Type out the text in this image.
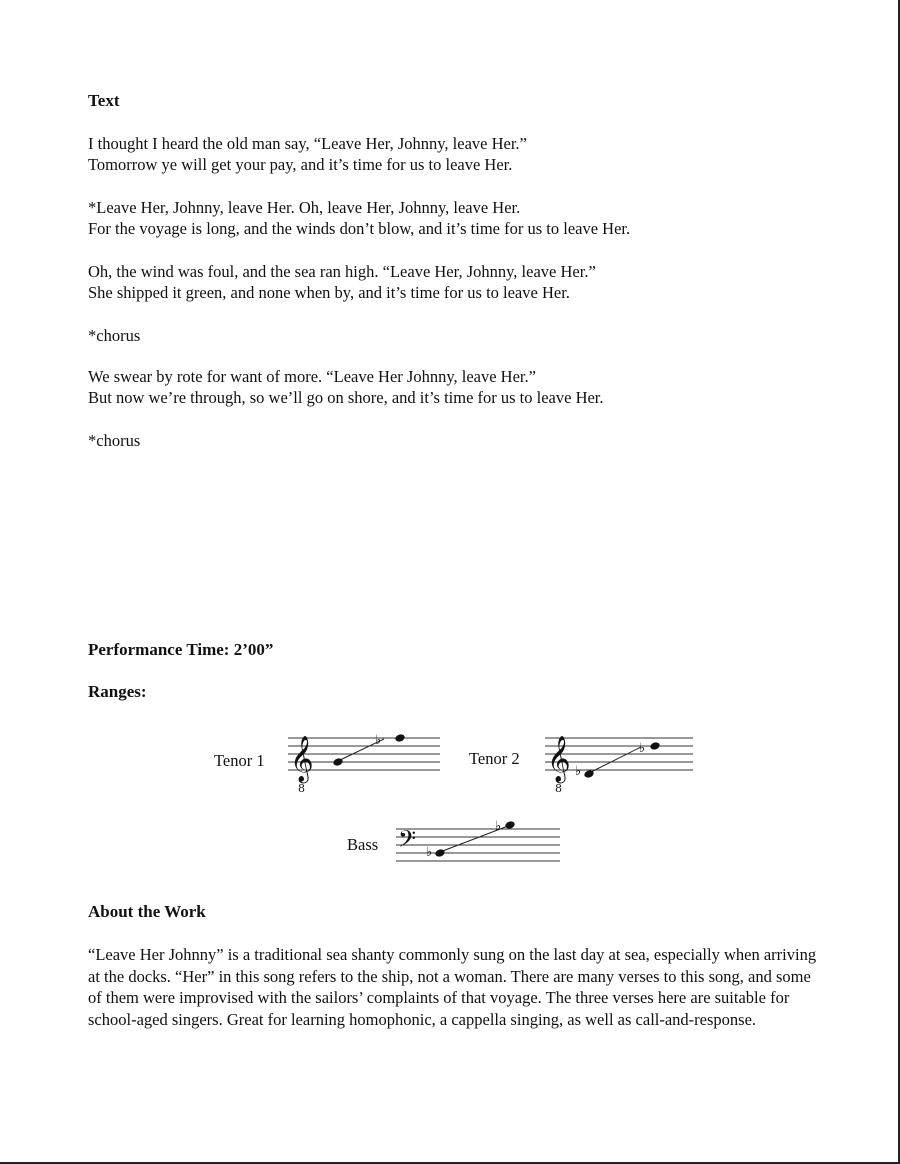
Text
I thought I heard the old man say, “Leave Her, Johnny, leave Her.”
Tomorrow ye will get your pay, and it’s time for us to leave Her.
*Leave Her, Johnny, leave Her. Oh, leave Her, Johnny, leave Her.
For the voyage is long, and the winds don’t blow, and it’s time for us to leave Her.
Oh, the wind was foul, and the sea ran high. “Leave Her, Johnny, leave Her.”
She shipped it green, and none when by, and it’s time for us to leave Her.
*chorus
We swear by rote for want of more. “Leave Her Johnny, leave Her.”
But now we’re through, so we’ll go on shore, and it’s time for us to leave Her.
*chorus
Performance Time: 2’00”
Ranges:
Tenor 1 𝄞
8
♭
Tenor 2 𝄞
8
♭
♭
Bass 𝄢 ♭
♭
About the Work
“Leave Her Johnny” is a traditional sea shanty commonly sung on the last day at sea, especially when arriving at the docks. “Her” in this song refers to the ship, not a woman. There are many verses to this song, and some of them were improvised with the sailors’ complaints of that voyage. The three verses here are suitable for school-aged singers. Great for learning homophonic, a cappella singing, as well as call-and-response.
